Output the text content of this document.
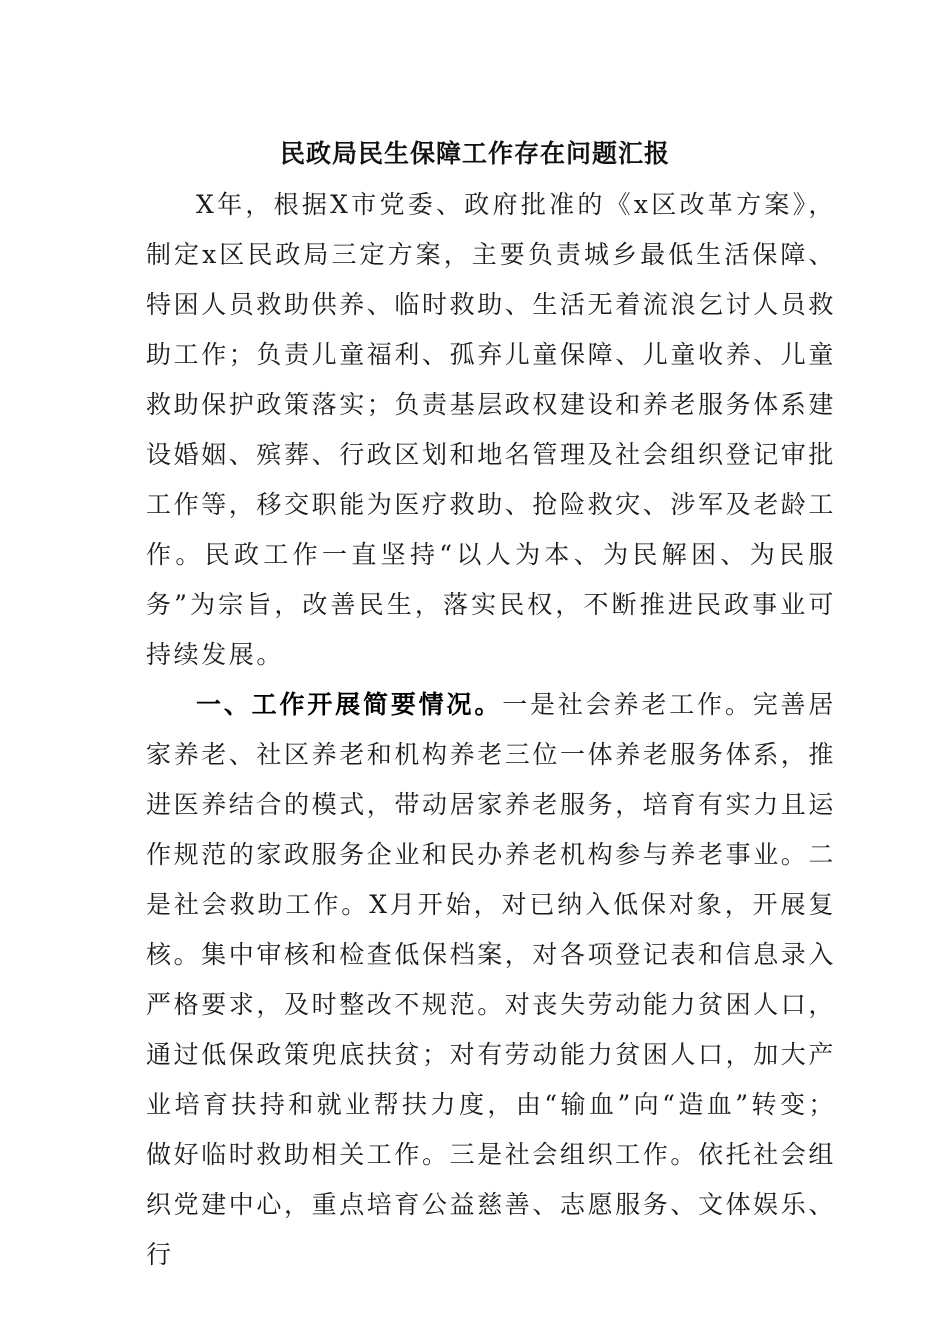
民政局民生保障工作存在问题汇报

X年，根据X市党委、政府批准的《x区改革方案》，制定x区民政局三定方案，主要负责城乡最低生活保障、特困人员救助供养、临时救助、生活无着流浪乞讨人员救助工作；负责儿童福利、孤弃儿童保障、儿童收养、儿童救助保护政策落实；负责基层政权建设和养老服务体系建设婚姻、殡葬、行政区划和地名管理及社会组织登记审批工作等，移交职能为医疗救助、抢险救灾、涉军及老龄工作。民政工作一直坚持“以人为本、为民解困、为民服务”为宗旨，改善民生，落实民权，不断推进民政事业可持续发展。

一、工作开展简要情况。一是社会养老工作。完善居家养老、社区养老和机构养老三位一体养老服务体系，推进医养结合的模式，带动居家养老服务，培育有实力且运作规范的家政服务企业和民办养老机构参与养老事业。二是社会救助工作。X月开始，对已纳入低保对象，开展复核。集中审核和检查低保档案，对各项登记表和信息录入严格要求，及时整改不规范。对丧失劳动能力贫困人口，通过低保政策兜底扶贫；对有劳动能力贫困人口，加大产业培育扶持和就业帮扶力度，由“输血”向“造血”转变；做好临时救助相关工作。三是社会组织工作。依托社会组织党建中心，重点培育公益慈善、志愿服务、文体娱乐、行
